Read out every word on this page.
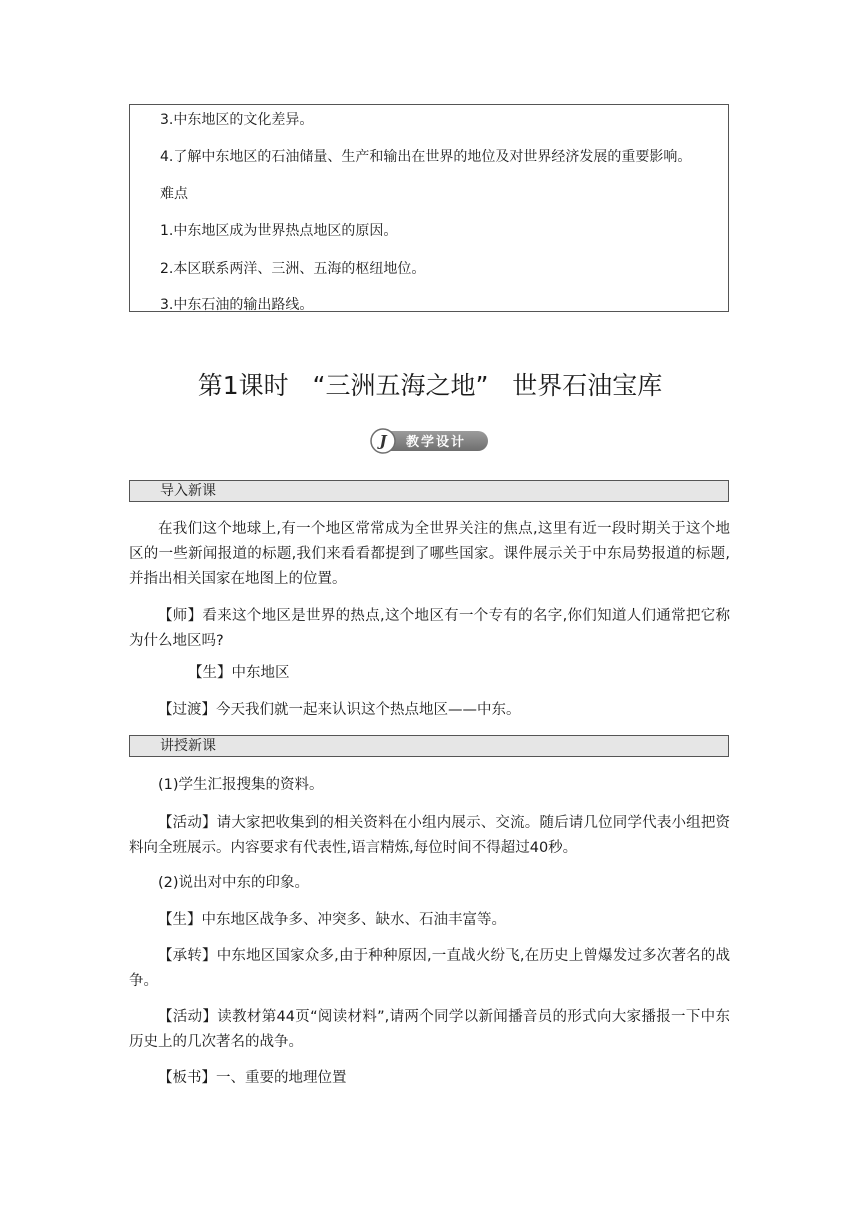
3.中东地区的文化差异。

4.了解中东地区的石油储量、生产和输出在世界的地位及对世界经济发展的重要影响。

难点

1.中东地区成为世界热点地区的原因。

2.本区联系两洋、三洲、五海的枢纽地位。

3.中东石油的输出路线。

第1课时   “三洲五海之地”   世界石油宝库
J 教学设计
导入新课

在我们这个地球上,有一个地区常常成为全世界关注的焦点,这里有近一段时期关于这个地区的一些新闻报道的标题,我们来看看都提到了哪些国家。课件展示关于中东局势报道的标题,并指出相关国家在地图上的位置。

【师】看来这个地区是世界的热点,这个地区有一个专有的名字,你们知道人们通常把它称为什么地区吗?

【生】中东地区

【过渡】今天我们就一起来认识这个热点地区——中东。

讲授新课

(1)学生汇报搜集的资料。

【活动】请大家把收集到的相关资料在小组内展示、交流。随后请几位同学代表小组把资料向全班展示。内容要求有代表性,语言精炼,每位时间不得超过40秒。

(2)说出对中东的印象。

【生】中东地区战争多、冲突多、缺水、石油丰富等。

【承转】中东地区国家众多,由于种种原因,一直战火纷飞,在历史上曾爆发过多次著名的战争。

【活动】读教材第44页“阅读材料”,请两个同学以新闻播音员的形式向大家播报一下中东历史上的几次著名的战争。

【板书】一、重要的地理位置
